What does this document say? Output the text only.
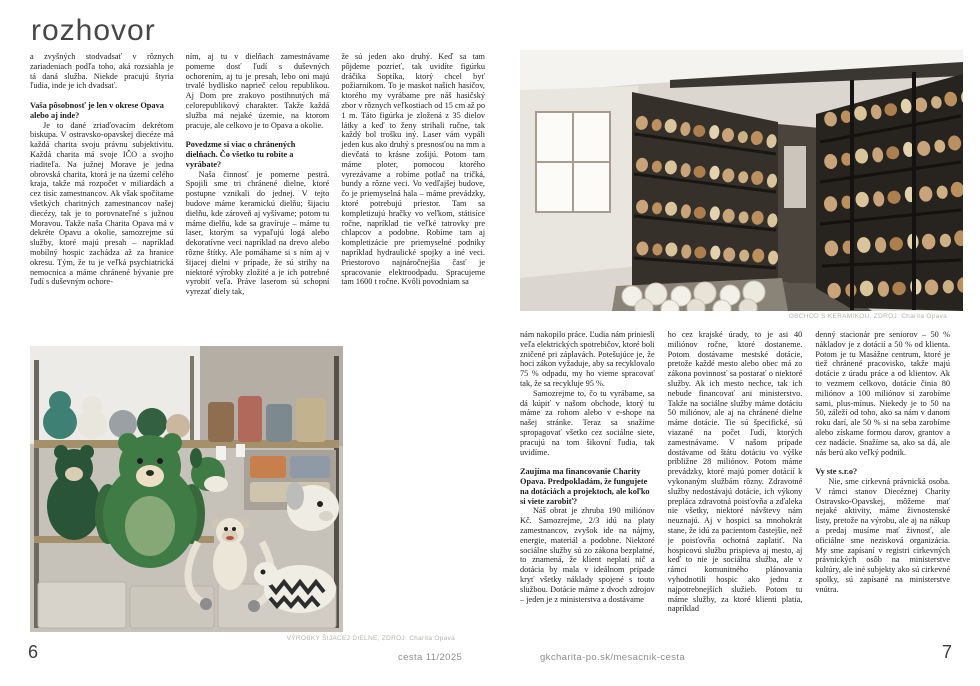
rozhovor

a zvyšných stodvadsať v rôznych zariadeniach podľa toho, aká rozsiahla je tá daná služba. Niekde pracujú štyria ľudia, inde je ich dvadsať.

Vaša pôsobnosť je len v okrese Opava alebo aj inde?

Je to dané zriaďovacím dekrétom biskupa. V ostravsko-opavskej diecéze má každá charita svoju právnu subjektivitu. Každá charita má svoje IČO a svojho riaditeľa. Na južnej Morave je jedna obrovská charita, ktorá je na území celého kraja, takže má rozpočet v miliardách a cez tisíc zamestnancov. Ak však spočítame všetkých charitných zamestnancov našej diecézy, tak je to porovnateľné s južnou Moravou. Takže naša Charita Opava má v dekréte Opavu a okolie, samozrejme sú služby, ktoré majú presah – napríklad mobilný hospic zachádza až za hranice okresu. Tým, že tu je veľká psychiatrická nemocnica a máme chránené bývanie pre ľudí s duševným ochore-

ním, aj tu v dielňach zamestnávame pomerne dosť ľudí s duševných ochorením, aj tu je presah, lebo oni majú trvalé bydlisko naprieč celou republikou. Aj Dom pre zrakovo postihnutých má celorepublikový charakter. Takže každá služba má nejaké územie, na ktorom pracuje, ale celkovo je to Opava a okolie.

Povedzme si viac o chránených dielňach. Čo všetko tu robíte a vyrábate?

Naša činnosť je pomerne pestrá. Spojili sme tri chránené dielne, ktoré postupne vznikali do jednej. V tejto budove máme keramickú dielňu; šijaciu dielňu, kde zároveň aj vyšívame; potom tu máme dielňu, kde sa gravíruje – máme tu laser, ktorým sa vypaľujú logá alebo dekoratívne veci napríklad na drevo alebo rôzne štítky. Ale pomáhame si s ním aj v šijacej dielni v prípade, že sú strihy na niektoré výrobky zložité a je ich potrebné vyrobiť veľa. Práve laserom sú schopní vyrezať diely tak,

že sú jeden ako druhý. Keď sa tam pôjdeme pozrieť, tak uvidíte figúrku dráčika Soptíka, ktorý chcel byť požiarnikom. To je maskot našich hasičov, ktorého my vyrábame pre náš hasičský zbor v rôznych veľkostiach od 15 cm až po 1 m. Táto figúrka je zložená z 35 dielov látky a keď to ženy strihali ručne, tak každý bol trošku iný. Laser vám vypáli jeden kus ako druhý s presnosťou na mm a dievčatá to krásne zošijú. Potom tam máme ploter, pomocou ktorého vyrezávame a robíme potlač na tričká, bundy a rôzne veci. Vo vedľajšej budove, čo je priemyselná hala – máme prevádzky, ktoré potrebujú priestor. Tam sa kompletizujú hračky vo veľkom, státisíce ročne, napríklad tie veľké tatrovky pre chlapcov a podobne. Robíme tam aj kompletizácie pre priemyselné podniky napríklad hydraulické spojky a iné veci. Priestorovo najnáročnejšia časť je spracovanie elektroodpadu. Spracujeme tam 1600 t ročne. Kvôli povodniam sa

VÝROBKY ŠIJACEJ DIELNE, ZDROJ: Charita Opava
OBCHOD S KERAMIKOU, ZDROJ: Charita Opava

nám nakopilo práce. Ľudia nám priniesli veľa elektrických spotrebičov, ktoré boli zničené pri záplavách. Potešujúce je, že hoci zákon vyžaduje, aby sa recyklovalo 75 % odpadu, my ho vieme spracovať tak, že sa recykluje 95 %.

Samozrejme to, čo tu vyrábame, sa dá kúpiť v našom obchode, ktorý tu máme za rohom alebo v e-shope na našej stránke. Teraz sa snažíme spropagovať všetko cez sociálne siete, pracujú na tom šikovní ľudia, tak uvidíme.

Zaujíma ma financovanie Charity Opava. Predpokladám, že fungujete na dotáciách a projektoch, ale koľko si viete zarobiť?

Náš obrat je zhruba 190 miliónov Kč. Samozrejme, 2/3 idú na platy zamestnancov, zvyšok ide na nájmy, energie, materiál a podobne. Niektoré sociálne služby sú zo zákona bezplatné, to znamená, že klient neplatí nič a dotácia by mala v ideálnom prípade kryť všetky náklady spojené s touto službou. Dotácie máme z dvoch zdrojov – jeden je z ministerstva a dostávame

ho cez krajské úrady, to je asi 40 miliónov ročne, ktoré dostaneme. Potom dostávame mestské dotácie, pretože každé mesto alebo obec má zo zákona povinnosť sa postarať o niektoré služby. Ak ich mesto nechce, tak ich nebude financovať ani ministerstvo. Takže na sociálne služby máme dotáciu 50 miliónov, ale aj na chránené dielne máme dotácie. Tie sú špecifické, sú viazané na počet ľudí, ktorých zamestnávame. V našom prípade dostávame od štátu dotáciu vo výške približne 28 miliónov. Potom máme prevádzky, ktoré majú pomer dotácií k vykonaným službám rôzny. Zdravotné služby nedostávajú dotácie, ich výkony prepláca zdravotná poisťovňa a zďaleka nie všetky, niektoré návštevy nám neuznajú. Aj v hospici sa mnohokrát stane, že idú za pacientom častejšie, než je poisťovňa ochotná zaplatiť. Na hospicovú službu prispieva aj mesto, aj keď to nie je sociálna služba, ale v rámci komunitného plánovania vyhodnotili hospic ako jednu z najpotrebnejších služieb. Potom tu máme služby, za ktoré klienti platia, napríklad

denný stacionár pre seniorov – 50 % nákladov je z dotácií a 50 % od klienta. Potom je tu Masážne centrum, ktoré je tiež chránené pracovisko, takže majú dotácie z úradu práce a od klientov. Ak to vezmem celkovo, dotácie činia 80 miliónov a 100 miliónov si zarobíme sami, plus-mínus. Niekedy je to 50 na 50, záleží od toho, ako sa nám v danom roku darí, ale 50 % si na seba zarobíme alebo získame formou darov, grantov a cez nadácie. Snažíme sa, ako sa dá, ale nás berú ako veľký podnik.

Vy ste s.r.o?

Nie, sme cirkevná právnická osoba. V rámci stanov Diecéznej Charity Ostravsko-Opavskej, môžeme mať nejaké aktivity, máme živnostenské listy, pretože na výrobu, ale aj na nákup a predaj musíme mať živnosť, ale oficiálne sme nezisková organizácia. My sme zapísaní v registri cirkevných právnických osôb na ministerstve kultúry, ale iné subjekty ako sú cirkevné spolky, sú zapísané na ministerstve vnútra.

6	cesta 11/2025	gkcharita-po.sk/mesacnik-cesta	7
